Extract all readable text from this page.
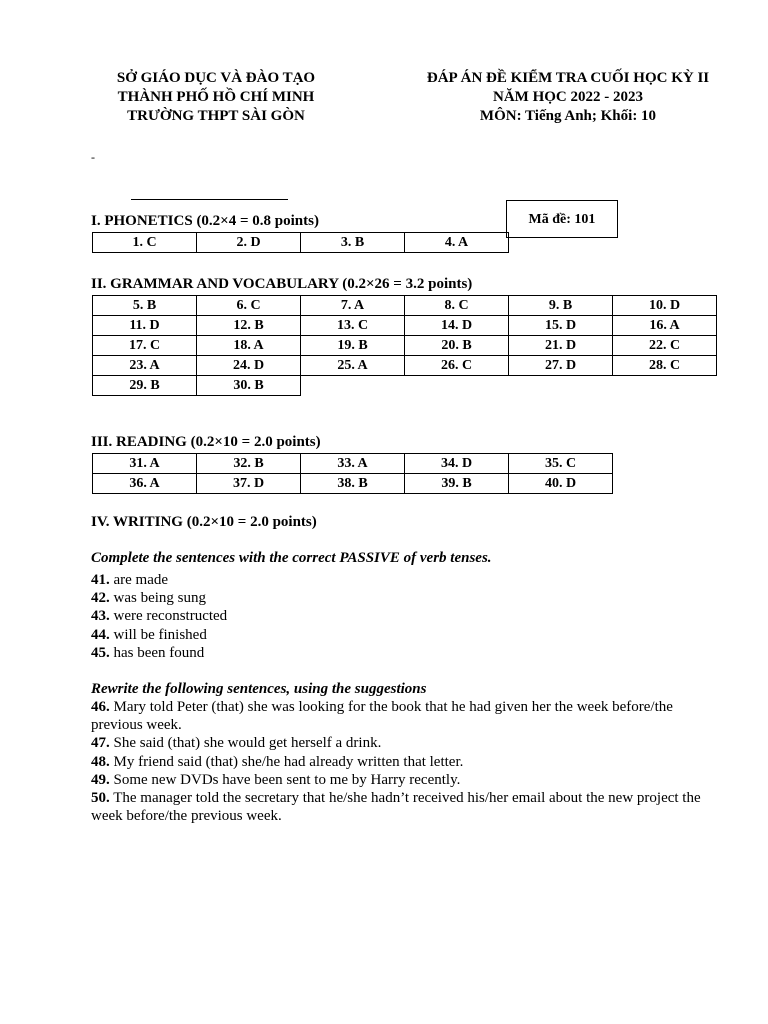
SỞ GIÁO DỤC VÀ ĐÀO TẠO
THÀNH PHỐ HỒ CHÍ MINH
TRƯỜNG THPT SÀI GÒN
ĐÁP ÁN ĐỀ KIỂM TRA CUỐI HỌC KỲ II
NĂM HỌC 2022 - 2023
MÔN: Tiếng Anh; Khối: 10
-
Mã đề: 101
I. PHONETICS (0.2×4 = 0.8 points)
1. C	2. D	3. B	4. A
II. GRAMMAR AND VOCABULARY (0.2×26 = 3.2 points)
5. B	6. C	7. A	8. C	9. B	10. D
11. D	12. B	13. C	14. D	15. D	16. A
17. C	18. A	19. B	20. B	21. D	22. C
23. A	24. D	25. A	26. C	27. D	28. C
29. B	30. B				
III. READING (0.2×10 = 2.0 points)
31. A	32. B	33. A	34. D	35. C
36. A	37. D	38. B	39. B	40. D
IV. WRITING (0.2×10 = 2.0 points)
Complete the sentences with the correct PASSIVE of verb tenses.
41. are made
42. was being sung
43. were reconstructed
44. will be finished
45. has been found
Rewrite the following sentences, using the suggestions
46. Mary told Peter (that) she was looking for the book that he had given her the week before/the previous week.
47. She said (that) she would get herself a drink.
48. My friend said (that) she/he had already written that letter.
49. Some new DVDs have been sent to me by Harry recently.
50. The manager told the secretary that he/she hadn’t received his/her email about the new project the week before/the previous week.
